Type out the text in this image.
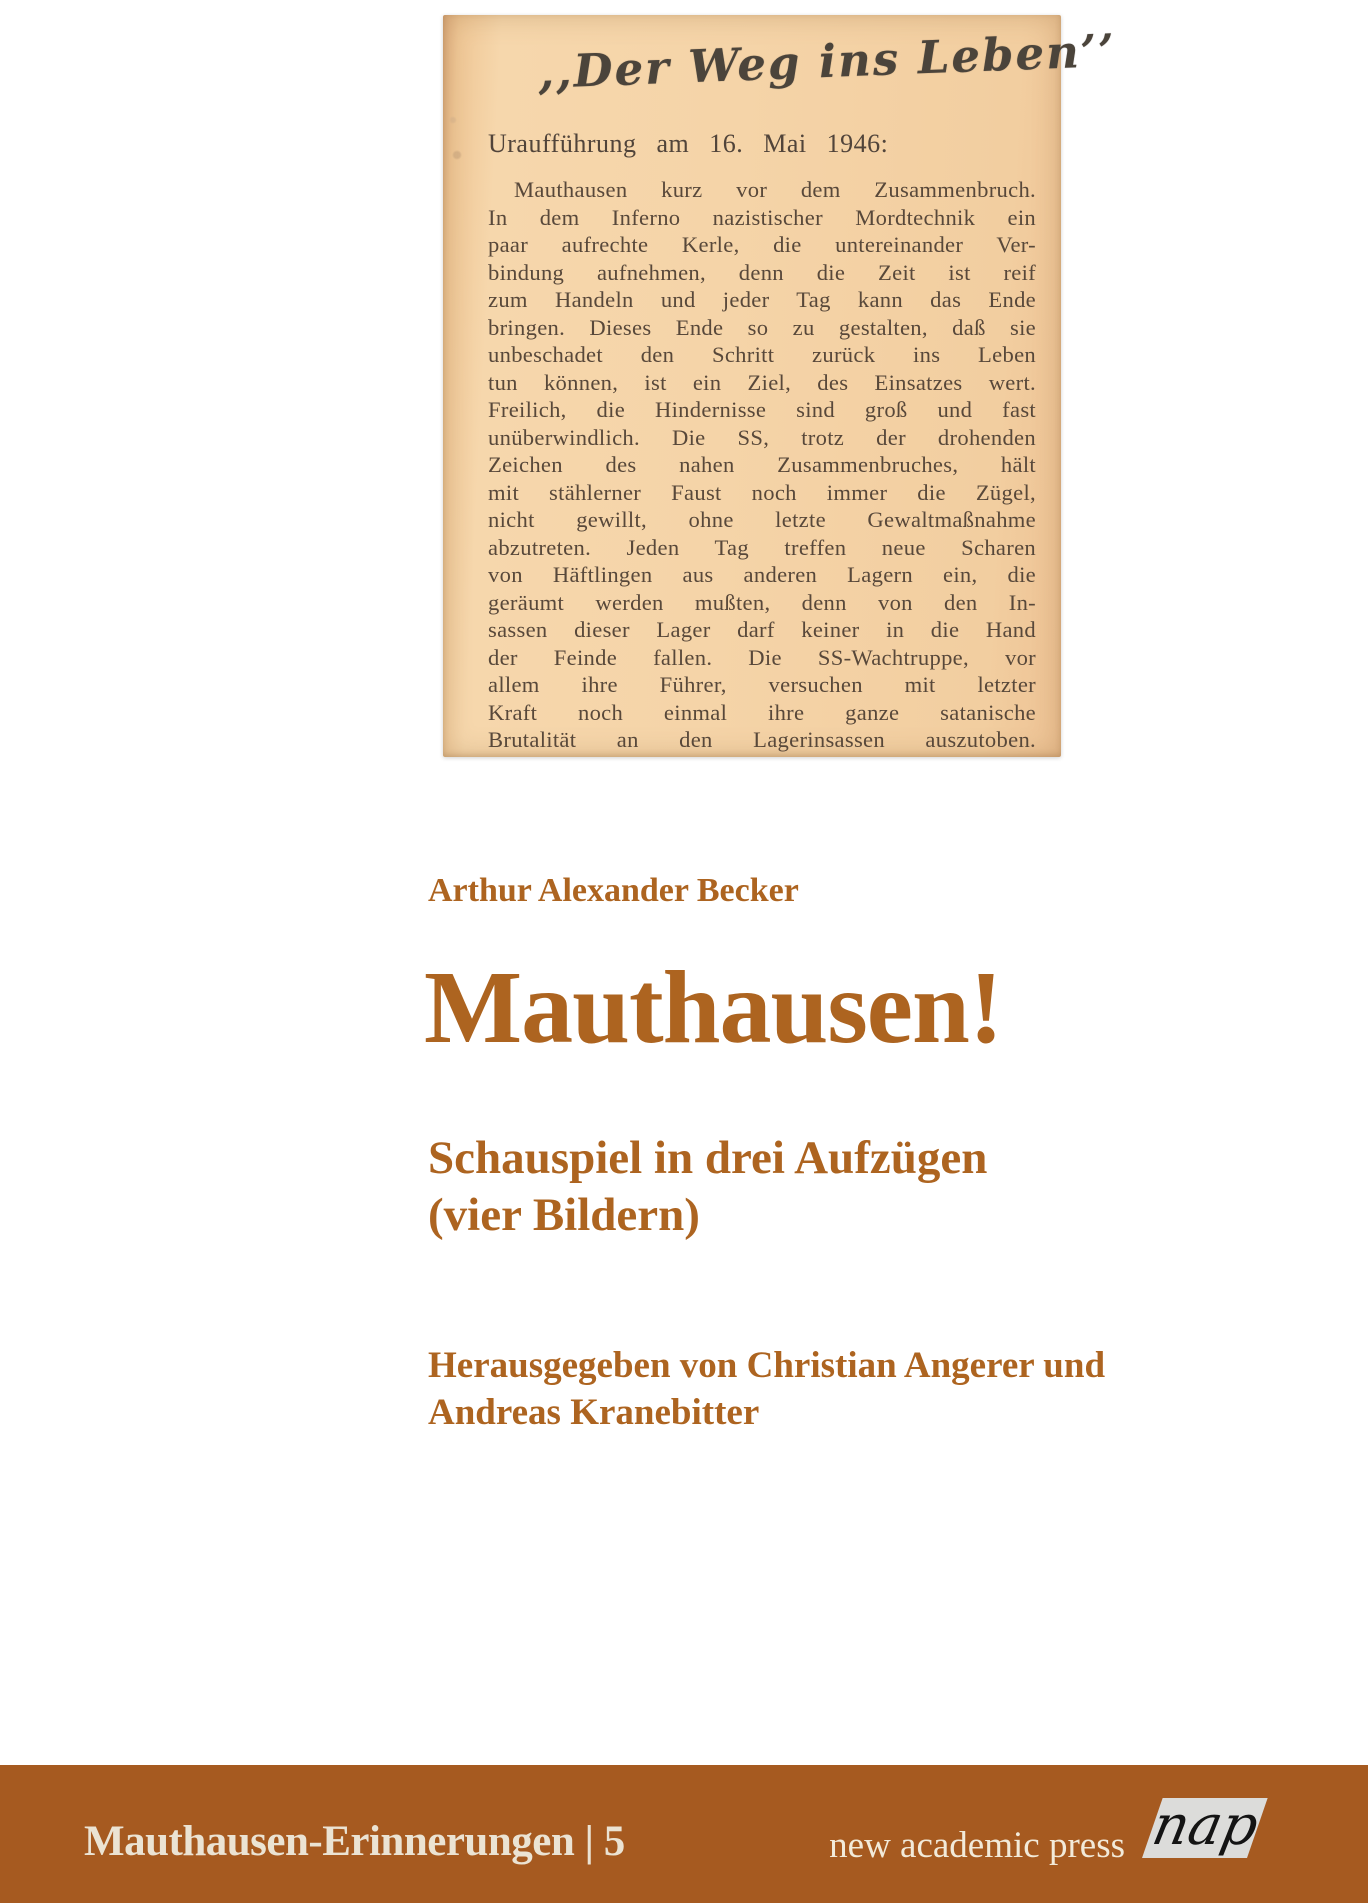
,,Der Weg ins Leben’’
Uraufführung am 16. Mai 1946:
Mauthausen kurz vor dem Zusammenbruch.
In dem Inferno nazistischer Mordtechnik ein
paar aufrechte Kerle, die untereinander Ver-
bindung aufnehmen, denn die Zeit ist reif
zum Handeln und jeder Tag kann das Ende
bringen. Dieses Ende so zu gestalten, daß sie
unbeschadet den Schritt zurück ins Leben
tun können, ist ein Ziel, des Einsatzes wert.
Freilich, die Hindernisse sind groß und fast
unüberwindlich. Die SS, trotz der drohenden
Zeichen des nahen Zusammenbruches, hält
mit stählerner Faust noch immer die Zügel,
nicht gewillt, ohne letzte Gewaltmaßnahme
abzutreten. Jeden Tag treffen neue Scharen
von Häftlingen aus anderen Lagern ein, die
geräumt werden mußten, denn von den In-
sassen dieser Lager darf keiner in die Hand
der Feinde fallen. Die SS-Wachtruppe, vor
allem ihre Führer, versuchen mit letzter
Kraft noch einmal ihre ganze satanische
Brutalität an den Lagerinsassen auszutoben.
Arthur Alexander Becker
Mauthausen!
Schauspiel in drei Aufzügen
(vier Bildern)
Herausgegeben von Christian Angerer und
Andreas Kranebitter
Mauthausen-Erinnerungen | 5	new academic press nap
